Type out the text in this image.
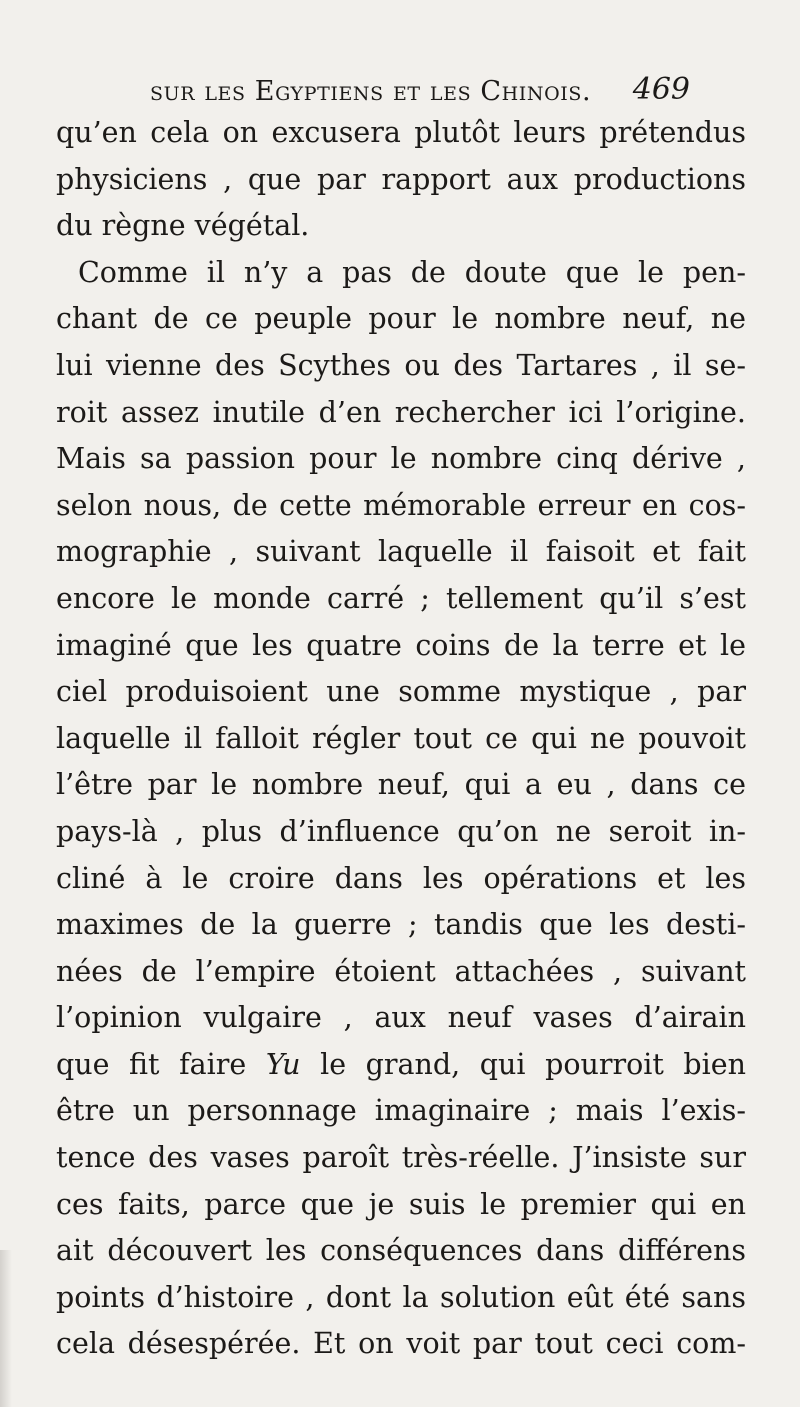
sur les Egyptiens et les Chinois. 469
qu’en cela on excusera plutôt leurs prétendus
physiciens , que par rapport aux productions
du règne végétal.
Comme il n’y a pas de doute que le pen-
chant de ce peuple pour le nombre neuf, ne
lui vienne des Scythes ou des Tartares , il se-
roit assez inutile d’en rechercher ici l’origine.
Mais sa passion pour le nombre cinq dérive ,
selon nous, de cette mémorable erreur en cos-
mographie , suivant laquelle il faisoit et fait
encore le monde carré ; tellement qu’il s’est
imaginé que les quatre coins de la terre et le
ciel produisoient une somme mystique , par
laquelle il falloit régler tout ce qui ne pouvoit
l’être par le nombre neuf, qui a eu , dans ce
pays-là , plus d’influence qu’on ne seroit in-
cliné à le croire dans les opérations et les
maximes de la guerre ; tandis que les desti-
nées de l’empire étoient attachées , suivant
l’opinion vulgaire , aux neuf vases d’airain
que fit faire Yu le grand, qui pourroit bien
être un personnage imaginaire ; mais l’exis-
tence des vases paroît très-réelle. J’insiste sur
ces faits, parce que je suis le premier qui en
ait découvert les conséquences dans différens
points d’histoire , dont la solution eût été sans
cela désespérée. Et on voit par tout ceci com-
